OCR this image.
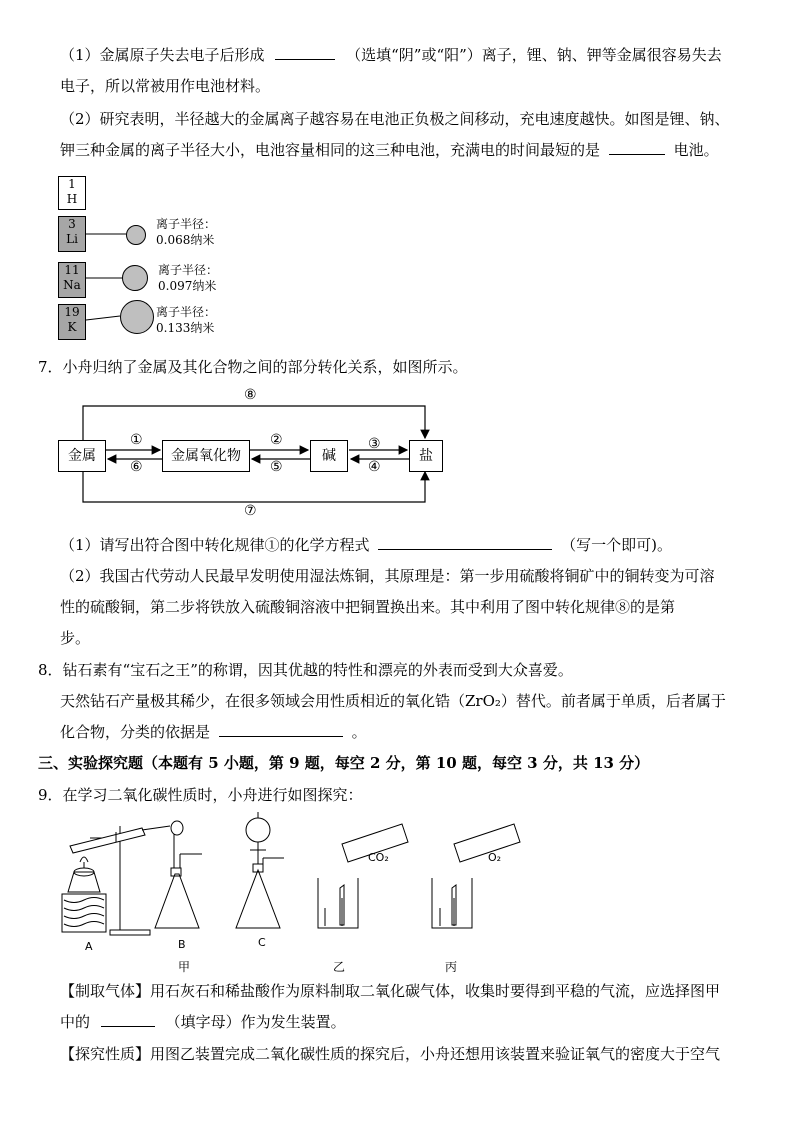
（1）金属原子失去电子后形成	（选填“阴”或“阳”）离子，锂、钠、钾等金属很容易失去
电子，所以常被用作电池材料。
（2）研究表明，半径越大的金属离子越容易在电池正负极之间移动，充电速度越快。如图是锂、钠、
钾三种金属的离子半径大小，电池容量相同的这三种电池，充满电的时间最短的是	电池。
1
H
3
Li
11
Na
19
K
离子半径：
0.068纳米
离子半径：
0.097纳米
离子半径：
0.133纳米
7．小舟归纳了金属及其化合物之间的部分转化关系，如图所示。
金属	金属氧化物	碱	盐
①
⑥
②
⑤
③
④
⑧
⑦
（1）请写出符合图中转化规律①的化学方程式	（写一个即可)。
（2）我国古代劳动人民最早发明使用湿法炼铜，其原理是：第一步用硫酸将铜矿中的铜转变为可溶
性的硫酸铜，第二步将铁放入硫酸铜溶液中把铜置换出来。其中利用了图中转化规律⑧的是第
步。
8．钻石素有“宝石之王”的称谓，因其优越的特性和漂亮的外表而受到大众喜爱。
天然钻石产量极其稀少，在很多领域会用性质相近的氧化锆（ZrO₂）替代。前者属于单质，后者属于
化合物，分类的依据是	。
三、实验探究题（本题有 5 小题，第 9 题，每空 2 分，第 10 题，每空 3 分，共 13 分）
9．在学习二氧化碳性质时，小舟进行如图探究：
CO₂	O₂
A	B	C
甲	乙	丙
【制取气体】用石灰石和稀盐酸作为原料制取二氧化碳气体，收集时要得到平稳的气流，应选择图甲
中的	（填字母）作为发生装置。
【探究性质】用图乙装置完成二氧化碳性质的探究后，小舟还想用该装置来验证氧气的密度大于空气
